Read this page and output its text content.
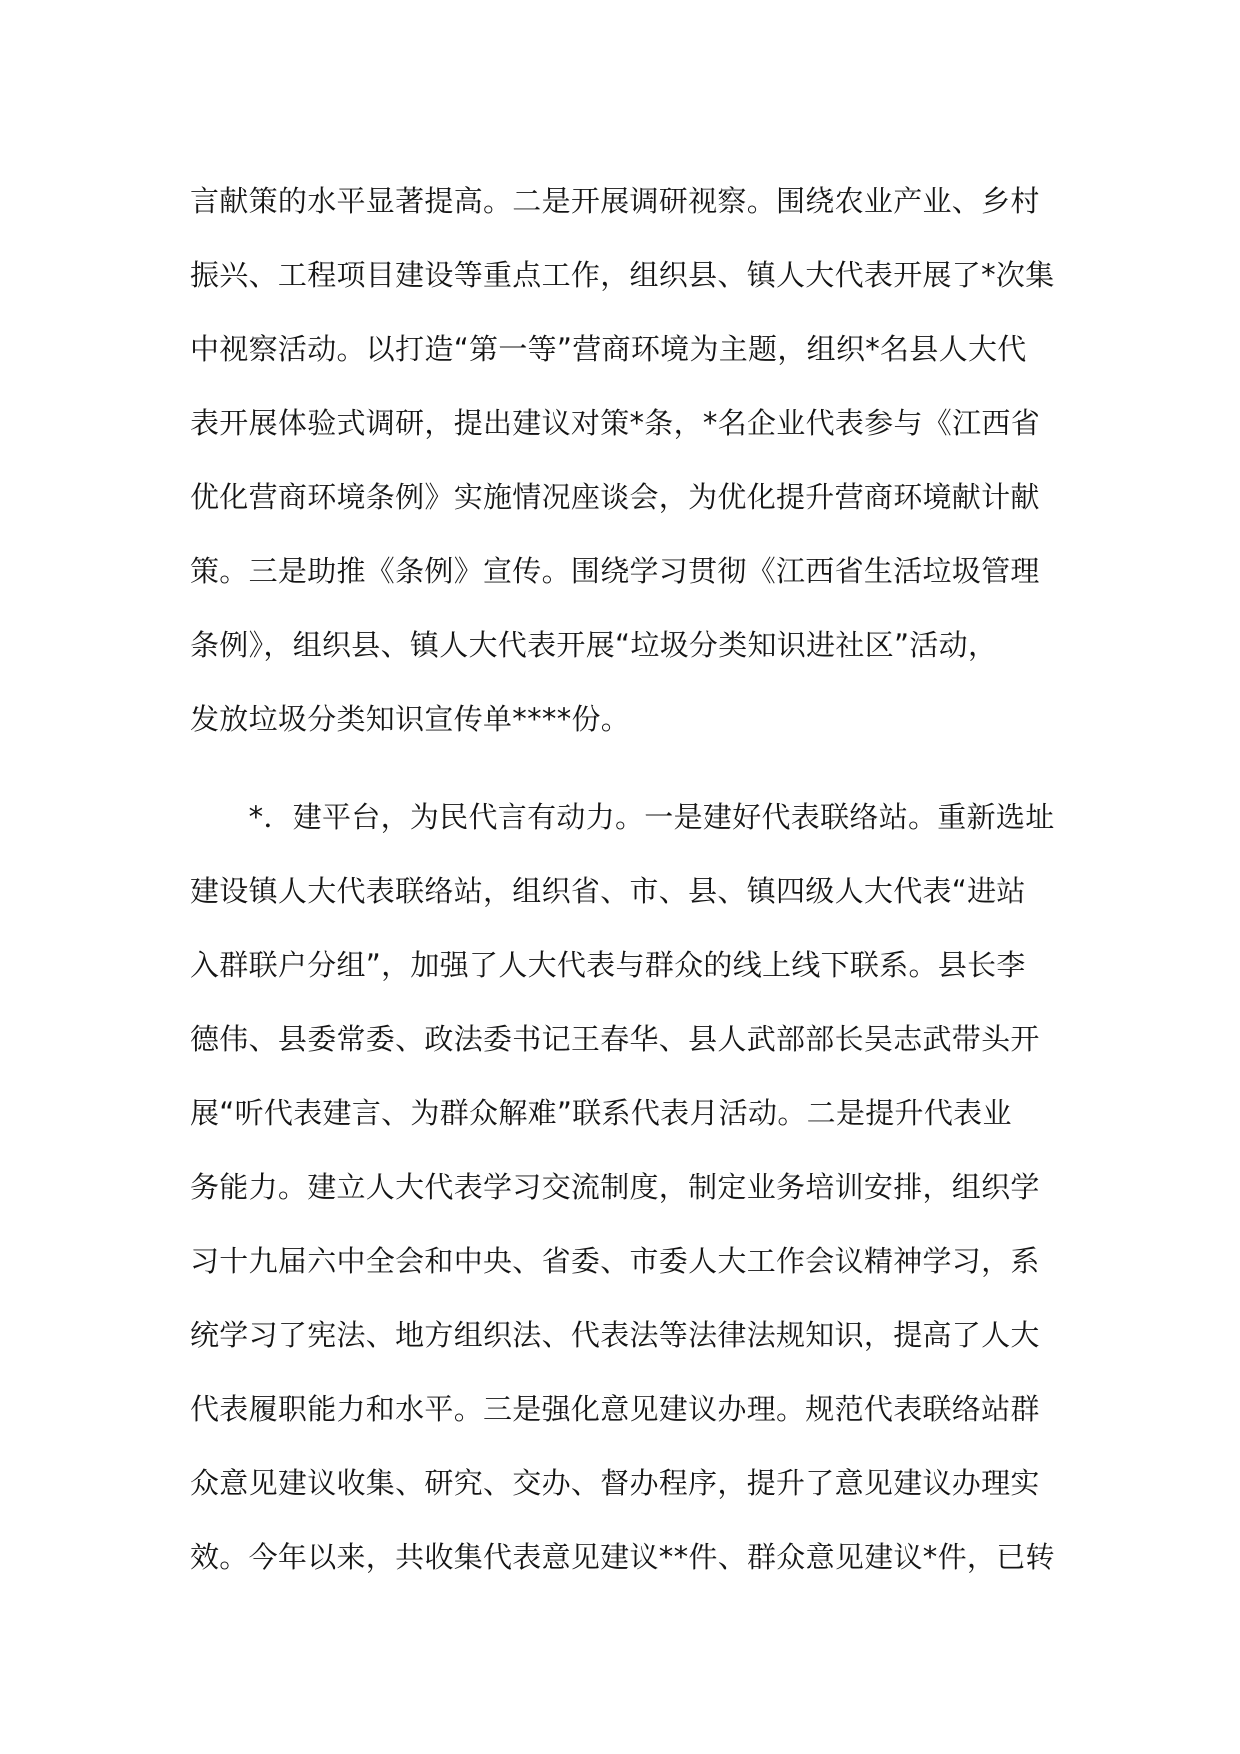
言献策的水平显著提高。二是开展调研视察。围绕农业产业、乡村
振兴、工程项目建设等重点工作，组织县、镇人大代表开展了*次集
中视察活动。以打造“第一等”营商环境为主题，组织*名县人大代
表开展体验式调研，提出建议对策*条，*名企业代表参与《江西省
优化营商环境条例》实施情况座谈会，为优化提升营商环境献计献
策。三是助推《条例》宣传。围绕学习贯彻《江西省生活垃圾管理
条例》，组织县、镇人大代表开展“垃圾分类知识进社区”活动，
发放垃圾分类知识宣传单****份。
　　*．建平台，为民代言有动力。一是建好代表联络站。重新选址
建设镇人大代表联络站，组织省、市、县、镇四级人大代表“进站
入群联户分组”，加强了人大代表与群众的线上线下联系。县长李
德伟、县委常委、政法委书记王春华、县人武部部长吴志武带头开
展“听代表建言、为群众解难”联系代表月活动。二是提升代表业
务能力。建立人大代表学习交流制度，制定业务培训安排，组织学
习十九届六中全会和中央、省委、市委人大工作会议精神学习，系
统学习了宪法、地方组织法、代表法等法律法规知识，提高了人大
代表履职能力和水平。三是强化意见建议办理。规范代表联络站群
众意见建议收集、研究、交办、督办程序，提升了意见建议办理实
效。今年以来，共收集代表意见建议**件、群众意见建议*件，已转
